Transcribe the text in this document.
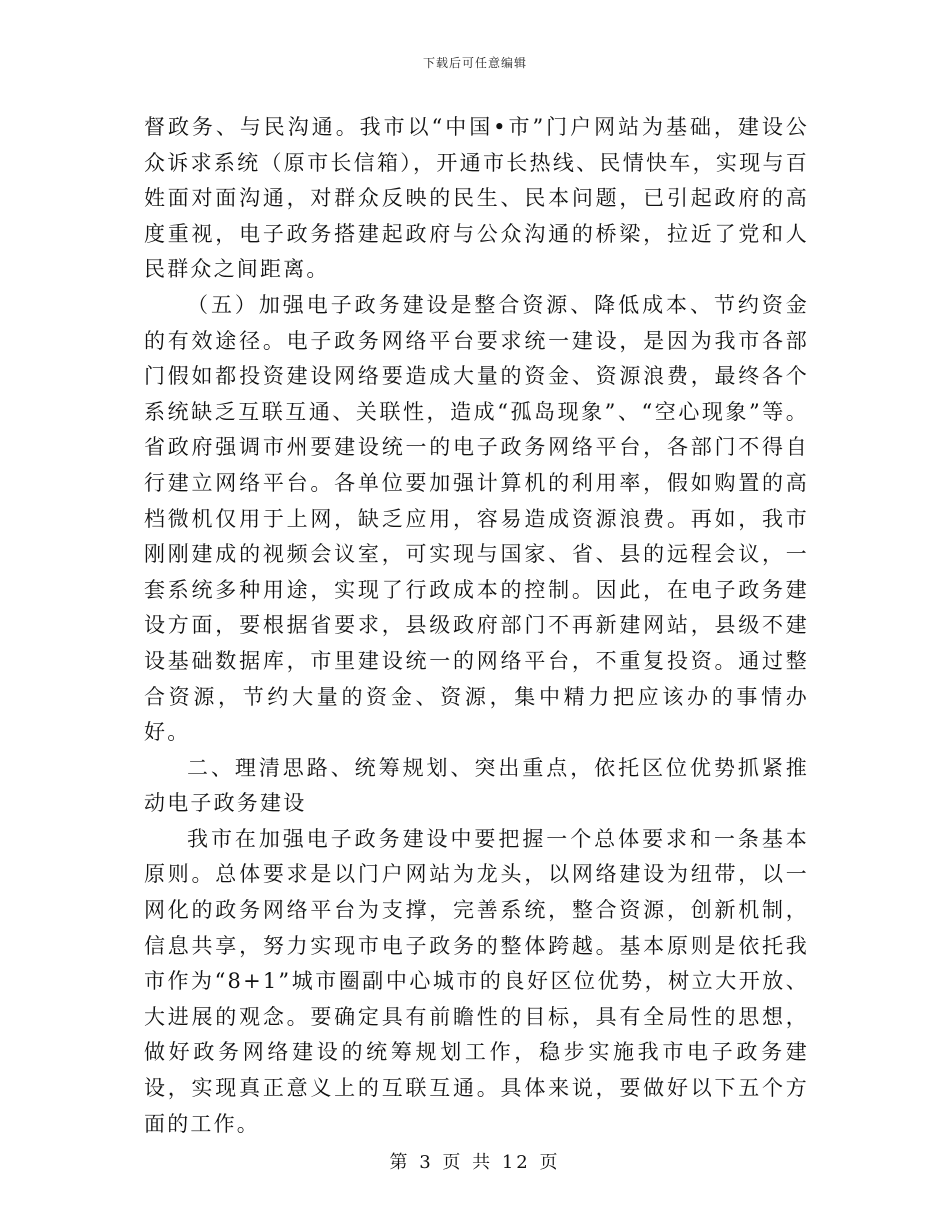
下载后可任意编辑

督政务、与民沟通。我市以“中国•市”门户网站为基础，建设公众诉求系统（原市长信箱），开通市长热线、民情快车，实现与百姓面对面沟通，对群众反映的民生、民本问题，已引起政府的高度重视，电子政务搭建起政府与公众沟通的桥梁，拉近了党和人民群众之间距离。

（五）加强电子政务建设是整合资源、降低成本、节约资金的有效途径。电子政务网络平台要求统一建设，是因为我市各部门假如都投资建设网络要造成大量的资金、资源浪费，最终各个系统缺乏互联互通、关联性，造成“孤岛现象”、“空心现象”等。省政府强调市州要建设统一的电子政务网络平台，各部门不得自行建立网络平台。各单位要加强计算机的利用率，假如购置的高档微机仅用于上网，缺乏应用，容易造成资源浪费。再如，我市刚刚建成的视频会议室，可实现与国家、省、县的远程会议，一套系统多种用途，实现了行政成本的控制。因此，在电子政务建设方面，要根据省要求，县级政府部门不再新建网站，县级不建设基础数据库，市里建设统一的网络平台，不重复投资。通过整合资源，节约大量的资金、资源，集中精力把应该办的事情办好。

二、理清思路、统筹规划、突出重点，依托区位优势抓紧推动电子政务建设

我市在加强电子政务建设中要把握一个总体要求和一条基本原则。总体要求是以门户网站为龙头，以网络建设为纽带，以一网化的政务网络平台为支撑，完善系统，整合资源，创新机制，信息共享，努力实现市电子政务的整体跨越。基本原则是依托我市作为“8+1”城市圈副中心城市的良好区位优势，树立大开放、大进展的观念。要确定具有前瞻性的目标，具有全局性的思想，做好政务网络建设的统筹规划工作，稳步实施我市电子政务建设，实现真正意义上的互联互通。具体来说，要做好以下五个方面的工作。

第 3 页 共 12 页
